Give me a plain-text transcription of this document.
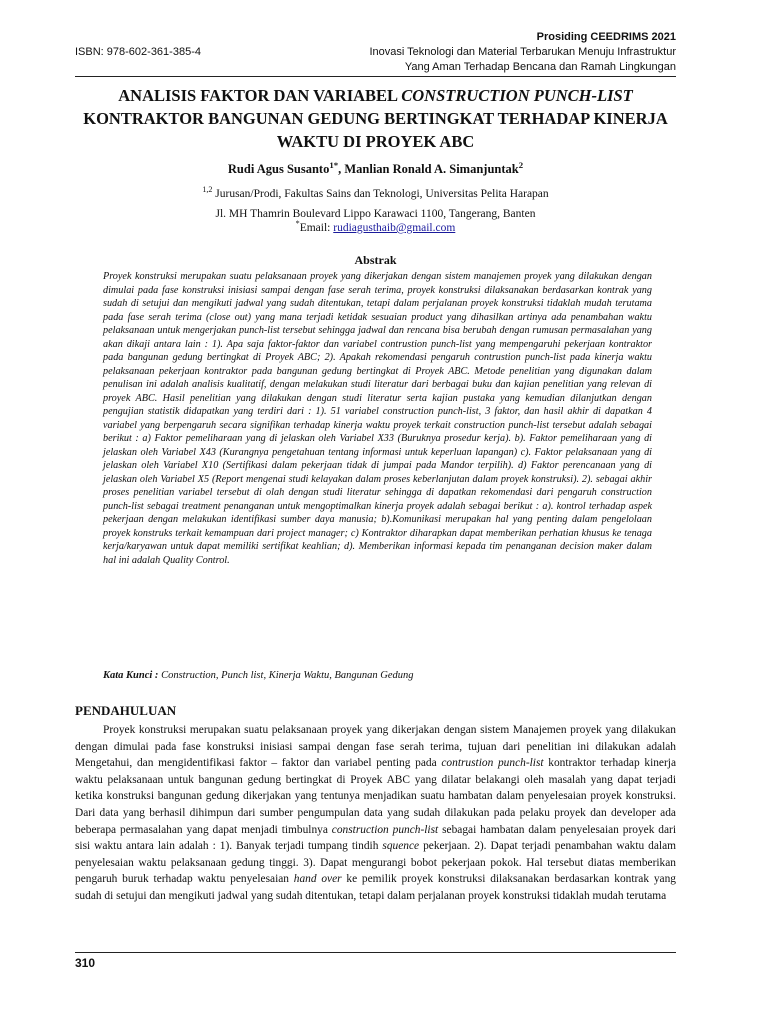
ISBN: 978-602-361-385-4
Prosiding CEEDRIMS 2021
Inovasi Teknologi dan Material Terbarukan Menuju Infrastruktur
Yang Aman Terhadap Bencana dan Ramah Lingkungan
ANALISIS FAKTOR DAN VARIABEL CONSTRUCTION PUNCH-LIST
KONTRAKTOR BANGUNAN GEDUNG BERTINGKAT TERHADAP KINERJA
WAKTU DI PROYEK ABC
Rudi Agus Susanto$^{1*}$, Manlian Ronald A. Simanjuntak$^2$
$^{1,2}$ Jurusan/Prodi, Fakultas Sains dan Teknologi, Universitas Pelita Harapan
Jl. MH Thamrin Boulevard Lippo Karawaci 1100, Tangerang, Banten
*Email: rudiagusthaib@gmail.com
Abstrak
Proyek konstruksi merupakan suatu pelaksanaan proyek yang dikerjakan dengan sistem manajemen proyek yang dilakukan dengan dimulai pada fase konstruksi inisiasi sampai dengan fase serah terima, proyek konstruksi dilaksanakan berdasarkan kontrak yang sudah di setujui dan mengikuti jadwal yang sudah ditentukan, tetapi dalam perjalanan proyek konstruksi tidaklah mudah terutama pada fase serah terima (close out) yang mana terjadi ketidak sesuaian product yang dihasilkan artinya ada penambahan waktu pelaksanaan untuk mengerjakan punch-list tersebut sehingga jadwal dan rencana bisa berubah dengan rumusan permasalahan yang akan dikaji antara lain : 1). Apa saja faktor-faktor dan variabel contrustion punch-list yang mempengaruhi pekerjaan kontraktor pada bangunan gedung bertingkat di Proyek ABC; 2). Apakah rekomendasi pengaruh contrustion punch-list pada kinerja waktu pelaksanaan pekerjaan kontraktor pada bangunan gedung bertingkat di Proyek ABC. Metode penelitian yang digunakan dalam penulisan ini adalah analisis kualitatif, dengan melakukan studi literatur dari berbagai buku dan kajian penelitian yang relevan di proyek ABC. Hasil penelitian yang dilakukan dengan studi literatur serta kajian pustaka yang kemudian dilanjutkan dengan pengujian statistik didapatkan yang terdiri dari : 1). 51 variabel construction punch-list, 3 faktor, dan hasil akhir di dapatkan 4 variabel yang berpengaruh secara signifikan terhadap kinerja waktu proyek terkait construction punch-list tersebut adalah sebagai berikut : a) Faktor pemeliharaan yang di jelaskan oleh Variabel X33 (Buruknya prosedur kerja). b). Faktor pemeliharaan yang di jelaskan oleh Variabel X43 (Kurangnya pengetahuan tentang informasi untuk keperluan lapangan) c). Faktor pelaksanaan yang di jelaskan oleh Variabel X10 (Sertifikasi dalam pekerjaan tidak di jumpai pada Mandor terpilih). d) Faktor perencanaan yang di jelaskan oleh Variabel X5 (Report mengenai studi kelayakan dalam proses keberlanjutan dalam proyek konstruksi). 2). sebagai akhir proses penelitian variabel tersebut di olah dengan studi literatur sehingga di dapatkan rekomendasi dari pengaruh construction punch-list sebagai treatment penanganan untuk mengoptimalkan kinerja proyek adalah sebagai berikut : a). kontrol terhadap aspek pekerjaan dengan melakukan identifikasi sumber daya manusia; b).Komunikasi merupakan hal yang penting dalam pengelolaan proyek konstruks terkait kemampuan dari project manager; c) Kontraktor diharapkan dapat memberikan perhatian khusus ke tenaga kerja/karyawan untuk dapat memiliki sertifikat keahlian; d). Memberikan informasi kepada tim penanganan decision maker dalam hal ini adalah Quality Control.
Kata Kunci : Construction, Punch list, Kinerja Waktu, Bangunan Gedung
PENDAHULUAN
Proyek konstruksi merupakan suatu pelaksanaan proyek yang dikerjakan dengan sistem Manajemen proyek yang dilakukan dengan dimulai pada fase konstruksi inisiasi sampai dengan fase serah terima, tujuan dari penelitian ini dilakukan adalah Mengetahui, dan mengidentifikasi faktor – faktor dan variabel penting pada contrustion punch-list kontraktor terhadap kinerja waktu pelaksanaan untuk bangunan gedung bertingkat di Proyek ABC yang dilatar belakangi oleh masalah yang dapat terjadi ketika konstruksi bangunan gedung dikerjakan yang tentunya menjadikan suatu hambatan dalam penyelesaian proyek konstruksi. Dari data yang berhasil dihimpun dari sumber pengumpulan data yang sudah dilakukan pada pelaku proyek dan developer ada beberapa permasalahan yang dapat menjadi timbulnya construction punch-list sebagai hambatan dalam penyelesaian proyek dari sisi waktu antara lain adalah : 1). Banyak terjadi tumpang tindih squence pekerjaan. 2). Dapat terjadi penambahan waktu dalam penyelesaian waktu pelaksanaan gedung tinggi. 3). Dapat mengurangi bobot pekerjaan pokok. Hal tersebut diatas memberikan pengaruh buruk terhadap waktu penyelesaian hand over ke pemilik proyek konstruksi dilaksanakan berdasarkan kontrak yang sudah di setujui dan mengikuti jadwal yang sudah ditentukan, tetapi dalam perjalanan proyek konstruksi tidaklah mudah terutama
310
